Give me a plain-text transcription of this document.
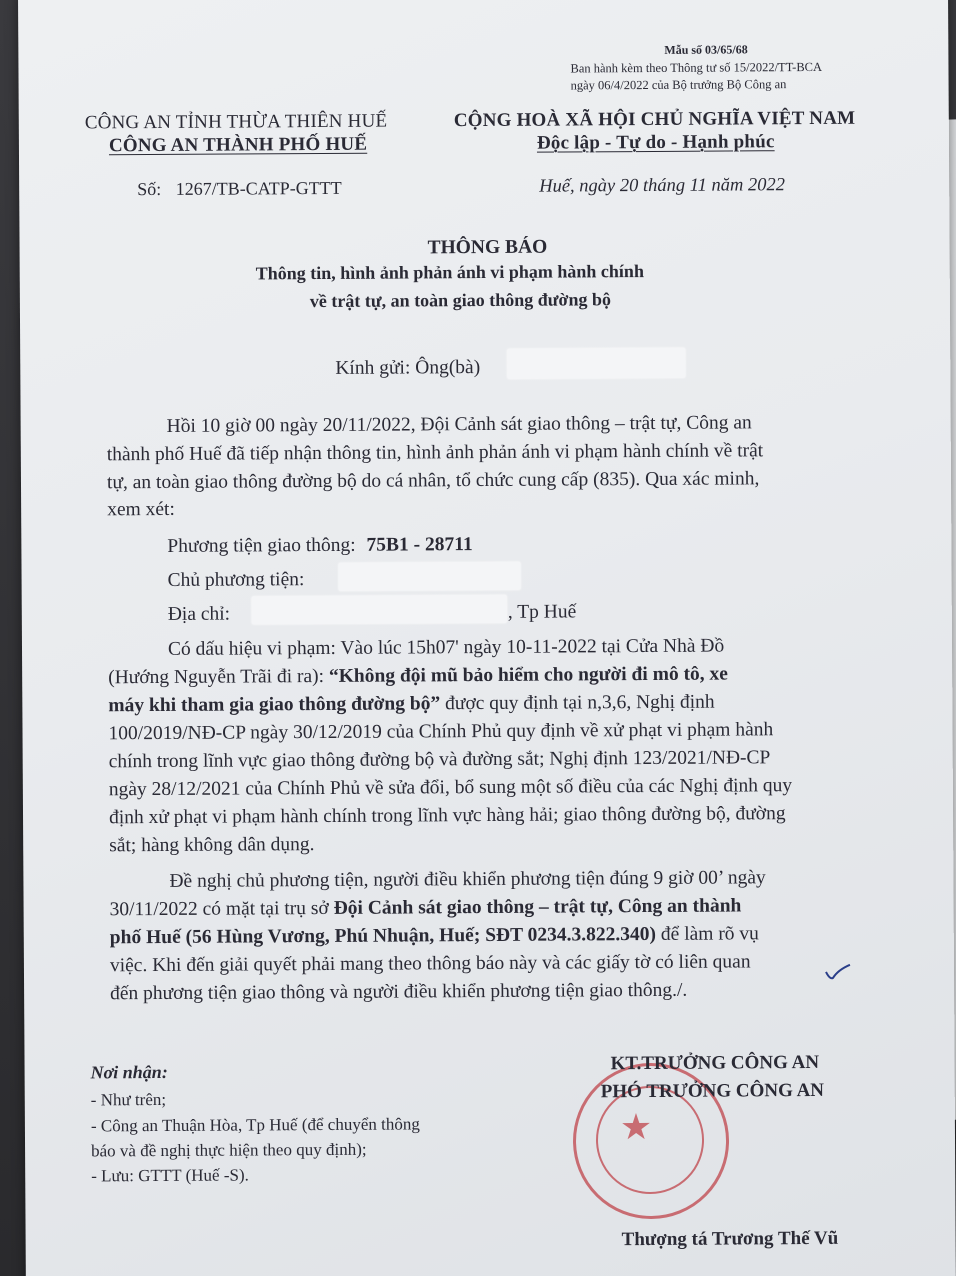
Mẫu số 03/65/68
Ban hành kèm theo Thông tư số 15/2022/TT-BCA
ngày 06/4/2022 của Bộ trưởng Bộ Công an
CÔNG AN TỈNH THỪA THIÊN HUẾ
CÔNG AN THÀNH PHỐ HUẾ
CỘNG HOÀ XÃ HỘI CHỦ NGHĨA VIỆT NAM
Độc lập - Tự do - Hạnh phúc
Số: 1267/TB-CATP-GTTT	Huế, ngày 20 tháng 11 năm 2022
THÔNG BÁO
Thông tin, hình ảnh phản ánh vi phạm hành chính
về trật tự, an toàn giao thông đường bộ
Kính gửi: Ông(bà)
Hồi 10 giờ 00 ngày 20/11/2022, Đội Cảnh sát giao thông – trật tự, Công an
thành phố Huế đã tiếp nhận thông tin, hình ảnh phản ánh vi phạm hành chính về trật
tự, an toàn giao thông đường bộ do cá nhân, tổ chức cung cấp (835). Qua xác minh,
xem xét:
Phương tiện giao thông: 75B1 - 28711
Chủ phương tiện:
Địa chỉ:	, Tp Huế
Có dấu hiệu vi phạm: Vào lúc 15h07' ngày 10-11-2022 tại Cửa Nhà Đồ
(Hướng Nguyễn Trãi đi ra): “Không đội mũ bảo hiểm cho người đi mô tô, xe
máy khi tham gia giao thông đường bộ” được quy định tại n,3,6, Nghị định
100/2019/NĐ-CP ngày 30/12/2019 của Chính Phủ quy định về xử phạt vi phạm hành
chính trong lĩnh vực giao thông đường bộ và đường sắt; Nghị định 123/2021/NĐ-CP
ngày 28/12/2021 của Chính Phủ về sửa đổi, bổ sung một số điều của các Nghị định quy
định xử phạt vi phạm hành chính trong lĩnh vực hàng hải; giao thông đường bộ, đường
sắt; hàng không dân dụng.
Đề nghị chủ phương tiện, người điều khiển phương tiện đúng 9 giờ 00’ ngày
30/11/2022 có mặt tại trụ sở Đội Cảnh sát giao thông – trật tự, Công an thành
phố Huế (56 Hùng Vương, Phú Nhuận, Huế; SĐT 0234.3.822.340) để làm rõ vụ
việc. Khi đến giải quyết phải mang theo thông báo này và các giấy tờ có liên quan
đến phương tiện giao thông và người điều khiển phương tiện giao thông./.
Nơi nhận:
- Như trên;
- Công an Thuận Hòa, Tp Huế (để chuyển thông
báo và đề nghị thực hiện theo quy định);
- Lưu: GTTT (Huế -S).
★
KT.TRƯỞNG CÔNG AN
PHÓ TRƯỞNG CÔNG AN
Thượng tá Trương Thế Vũ
